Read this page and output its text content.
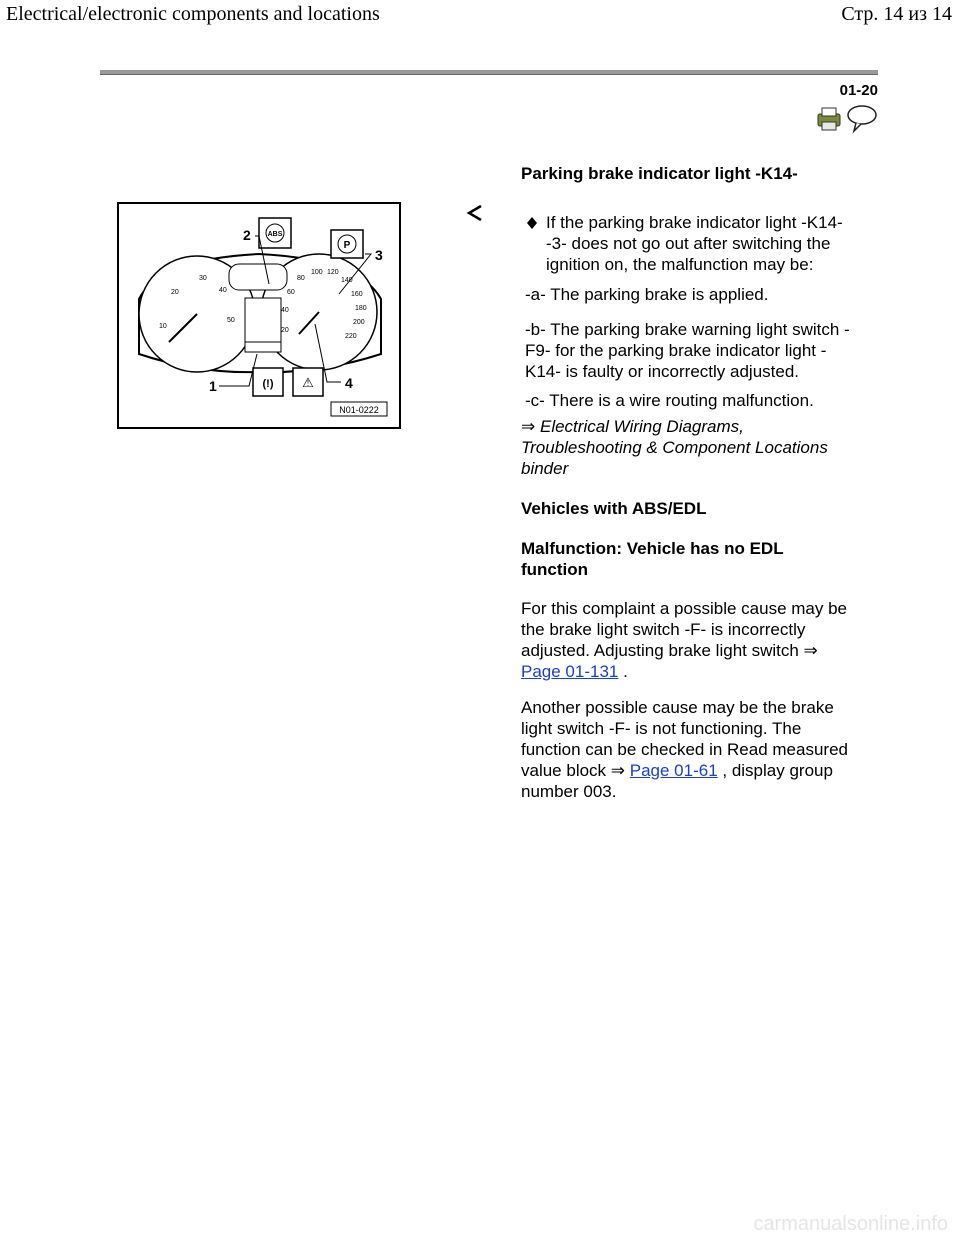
Electrical/electronic components and locations	Стр. 14 из 14
01-20
Parking brake indicator light -K14-
10
20
30
40
50
20
40
60
80
100 120
140
160
180
200
220
ABS
P
(!) ⚠
1
2
3
4
N01-0222
If the parking brake indicator light -K14-
-3- does not go out after switching the
ignition on, the malfunction may be:
-a- The parking brake is applied.
-b- The parking brake warning light switch -
F9- for the parking brake indicator light -
K14- is faulty or incorrectly adjusted.
-c- There is a wire routing malfunction.
⇒ Electrical Wiring Diagrams,
Troubleshooting & Component Locations
binder
Vehicles with ABS/EDL
Malfunction: Vehicle has no EDL
function
For this complaint a possible cause may be
the brake light switch -F- is incorrectly
adjusted. Adjusting brake light switch ⇒
Page 01-131 .
Another possible cause may be the brake
light switch -F- is not functioning. The
function can be checked in Read measured
value block ⇒ Page 01-61 , display group
number 003.
carmanualsonline.info
